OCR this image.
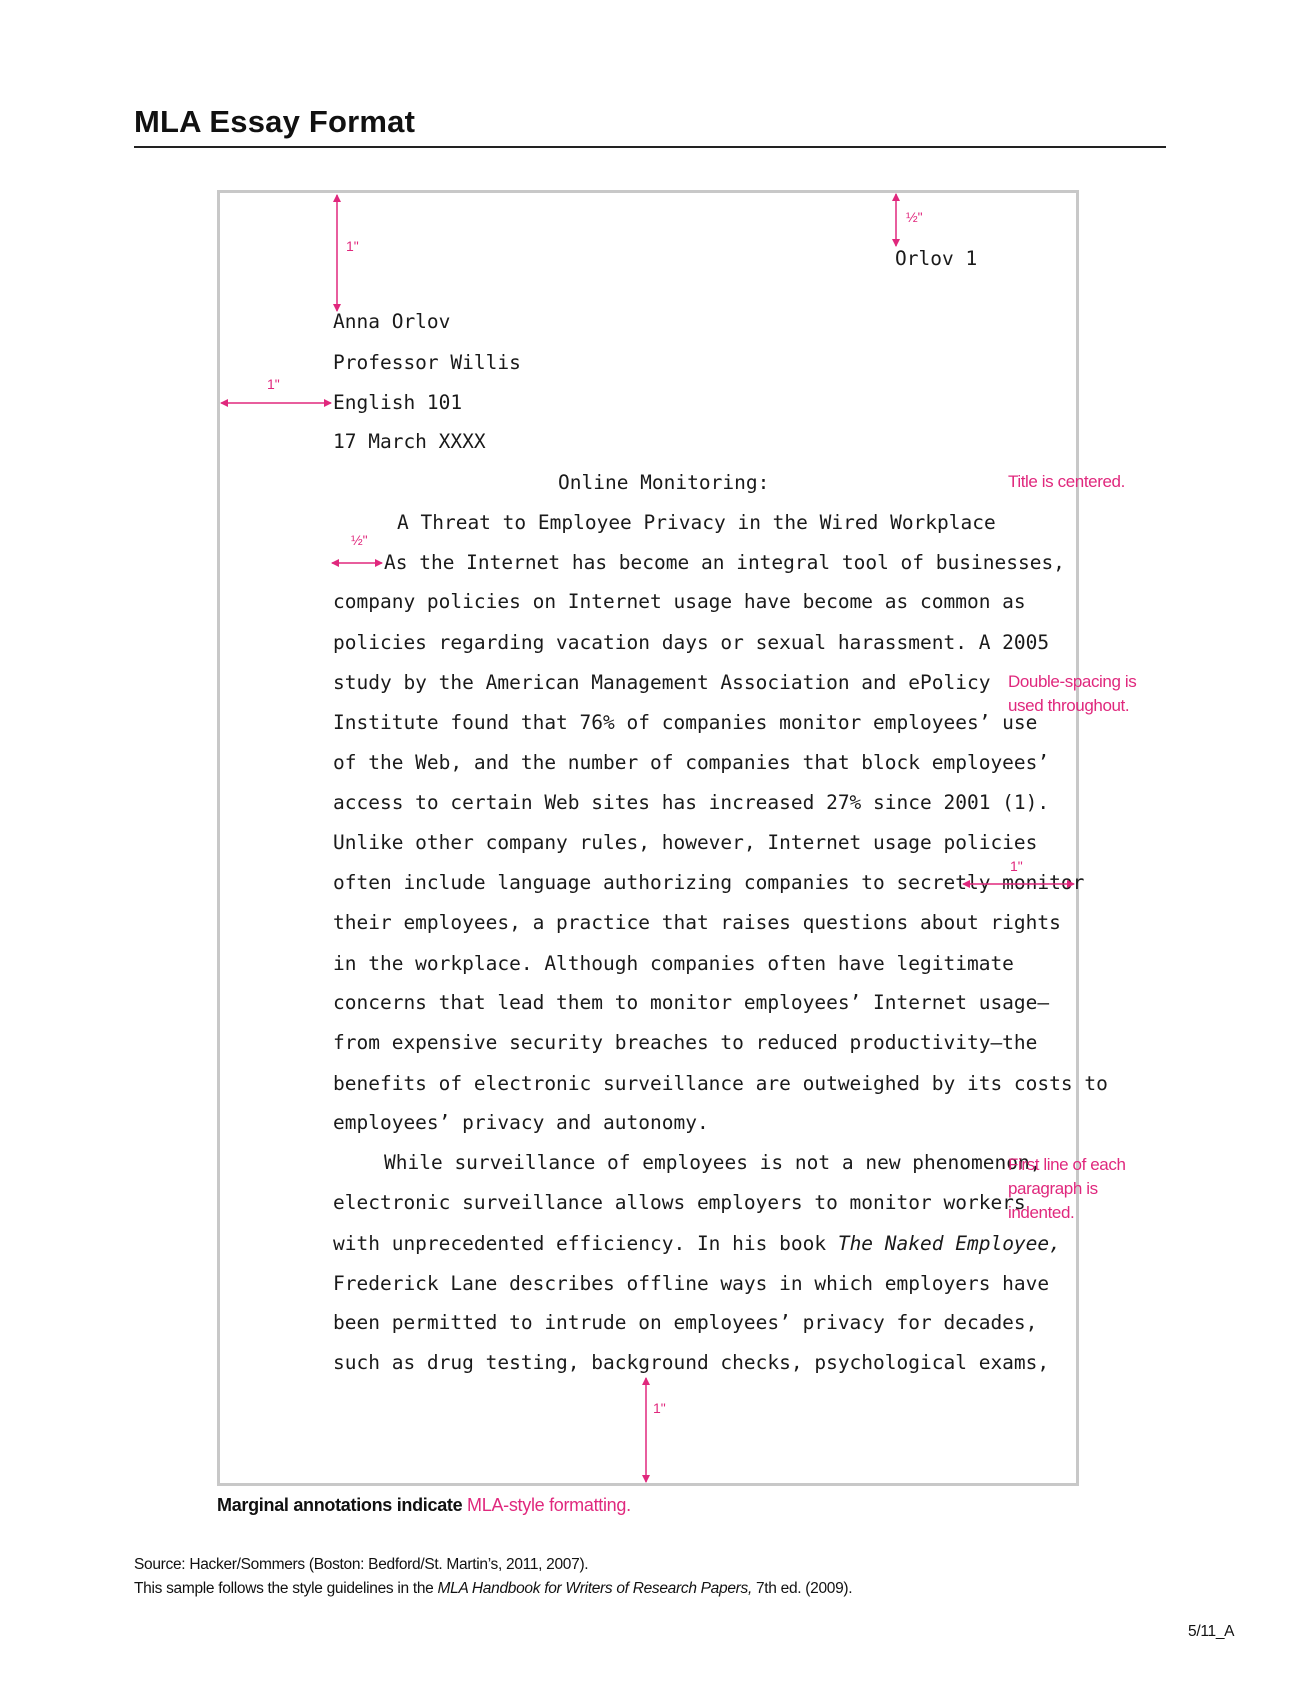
MLA Essay Format
Orlov 1
Anna Orlov
Professor Willis
English 101
17 March XXXX
Online Monitoring:
A Threat to Employee Privacy in the Wired Workplace
As the Internet has become an integral tool of businesses,
company policies on Internet usage have become as common as
policies regarding vacation days or sexual harassment. A 2005
study by the American Management Association and ePolicy
Institute found that 76% of companies monitor employees’ use
of the Web, and the number of companies that block employees’
access to certain Web sites has increased 27% since 2001 (1).
Unlike other company rules, however, Internet usage policies
often include language authorizing companies to secretly monitor
their employees, a practice that raises questions about rights
in the workplace. Although companies often have legitimate
concerns that lead them to monitor employees’ Internet usage—
from expensive security breaches to reduced productivity—the
benefits of electronic surveillance are outweighed by its costs to
employees’ privacy and autonomy.
While surveillance of employees is not a new phenomenon,
electronic surveillance allows employers to monitor workers
with unprecedented efficiency. In his book The Naked Employee,
Frederick Lane describes offline ways in which employers have
been permitted to intrude on employees’ privacy for decades,
such as drug testing, background checks, psychological exams,
1"
½"
1"
½"
1"
1"
Title is centered.
Double-spacing is
used throughout.
First line of each
paragraph is
indented.
Marginal annotations indicate MLA-style formatting.
Source: Hacker/Sommers (Boston: Bedford/St. Martin’s, 2011, 2007).
This sample follows the style guidelines in the MLA Handbook for Writers of Research Papers, 7th ed. (2009).
5/11_A
